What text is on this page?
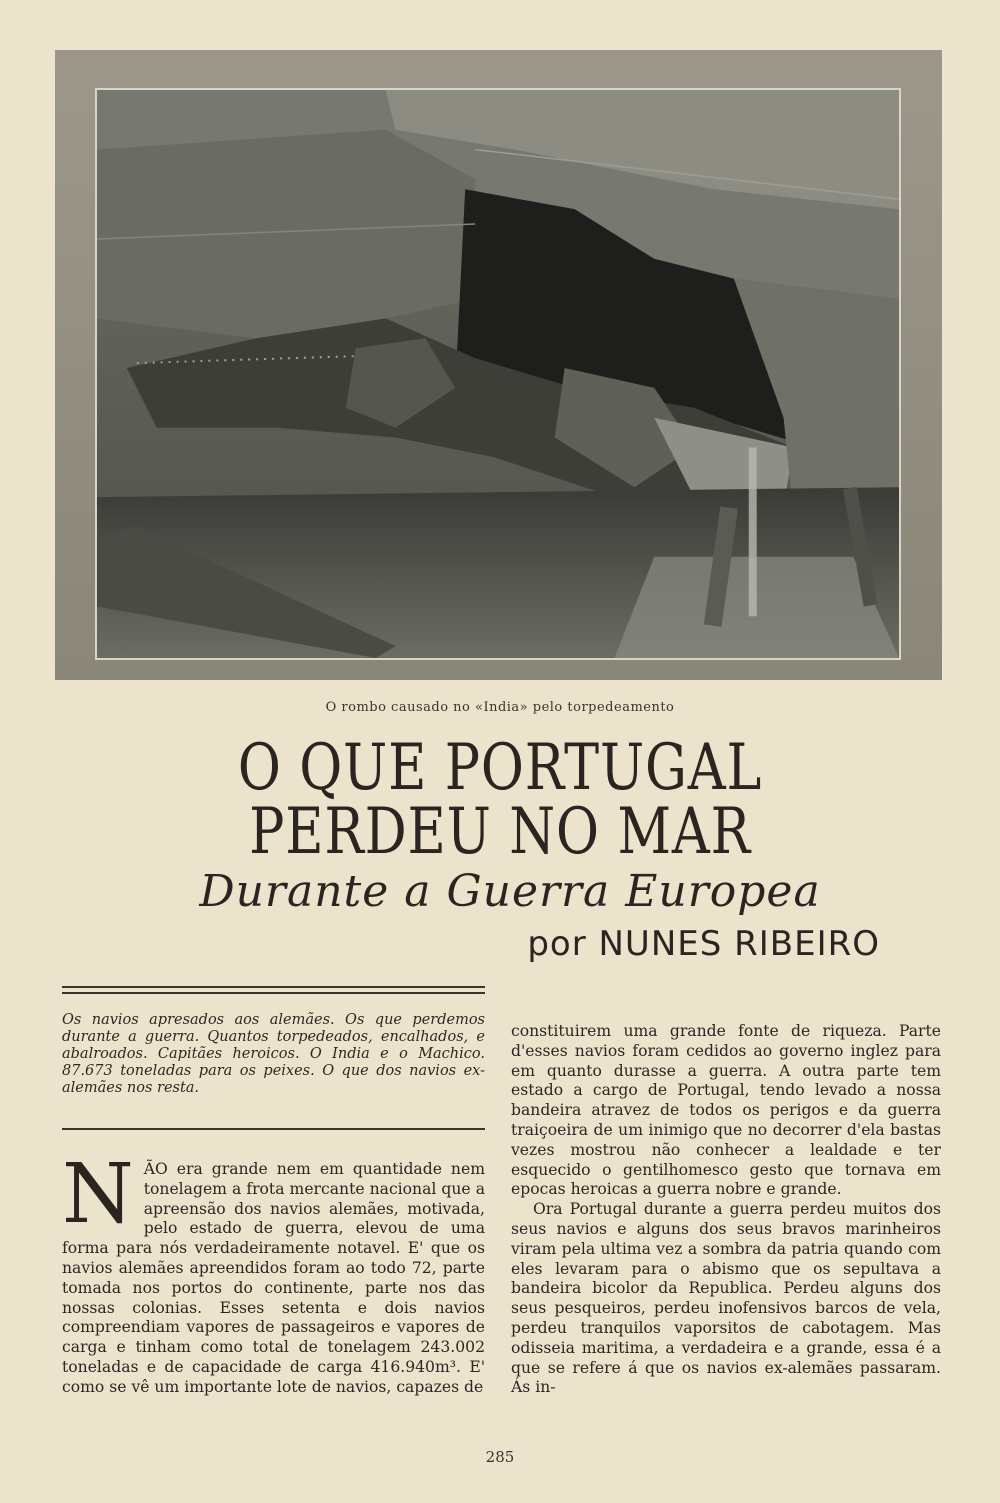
O rombo causado no «India» pelo torpedeamento
O QUE PORTUGAL
PERDEU NO MAR
Durante a Guerra Europea
por NUNES RIBEIRO
Os navios apresados aos alemães. Os que perdemos durante a guerra. Quantos torpedeados, encalhados, e abalroados. Capitães heroicos. O India e o Machico. 87.673 toneladas para os peixes. O que dos navios ex-alemães nos resta.
N ÃO era grande nem em quantidade nem tonelagem a frota mercante nacional que a apreensão dos navios alemães, motivada, pelo estado de guerra, elevou de uma forma para nós verdadeiramente notavel. E' que os navios alemães apreendidos foram ao todo 72, parte tomada nos portos do continente, parte nos das nossas colonias. Esses setenta e dois navios compreendiam vapores de passageiros e vapores de carga e tinham como total de tonelagem 243.002 toneladas e de capacidade de carga 416.940m³. E' como se vê um importante lote de navios, capazes de

constituirem uma grande fonte de riqueza. Parte d'esses navios foram cedidos ao governo inglez para em quanto durasse a guerra. A outra parte tem estado a cargo de Portugal, tendo levado a nossa bandeira atravez de todos os perigos e da guerra traiçoeira de um inimigo que no decorrer d'ela bastas vezes mostrou não conhecer a lealdade e ter esquecido o gentilhomesco gesto que tornava em epocas heroicas a guerra nobre e grande.

Ora Portugal durante a guerra perdeu muitos dos seus navios e alguns dos seus bravos marinheiros viram pela ultima vez a sombra da patria quando com eles levaram para o abismo que os sepultava a bandeira bicolor da Republica. Perdeu alguns dos seus pesqueiros, perdeu inofensivos barcos de vela, perdeu tranquilos vaporsitos de cabotagem. Mas odisseia maritima, a verdadeira e a grande, essa é a que se refere á que os navios ex-alemães passaram. Ás in-

285
